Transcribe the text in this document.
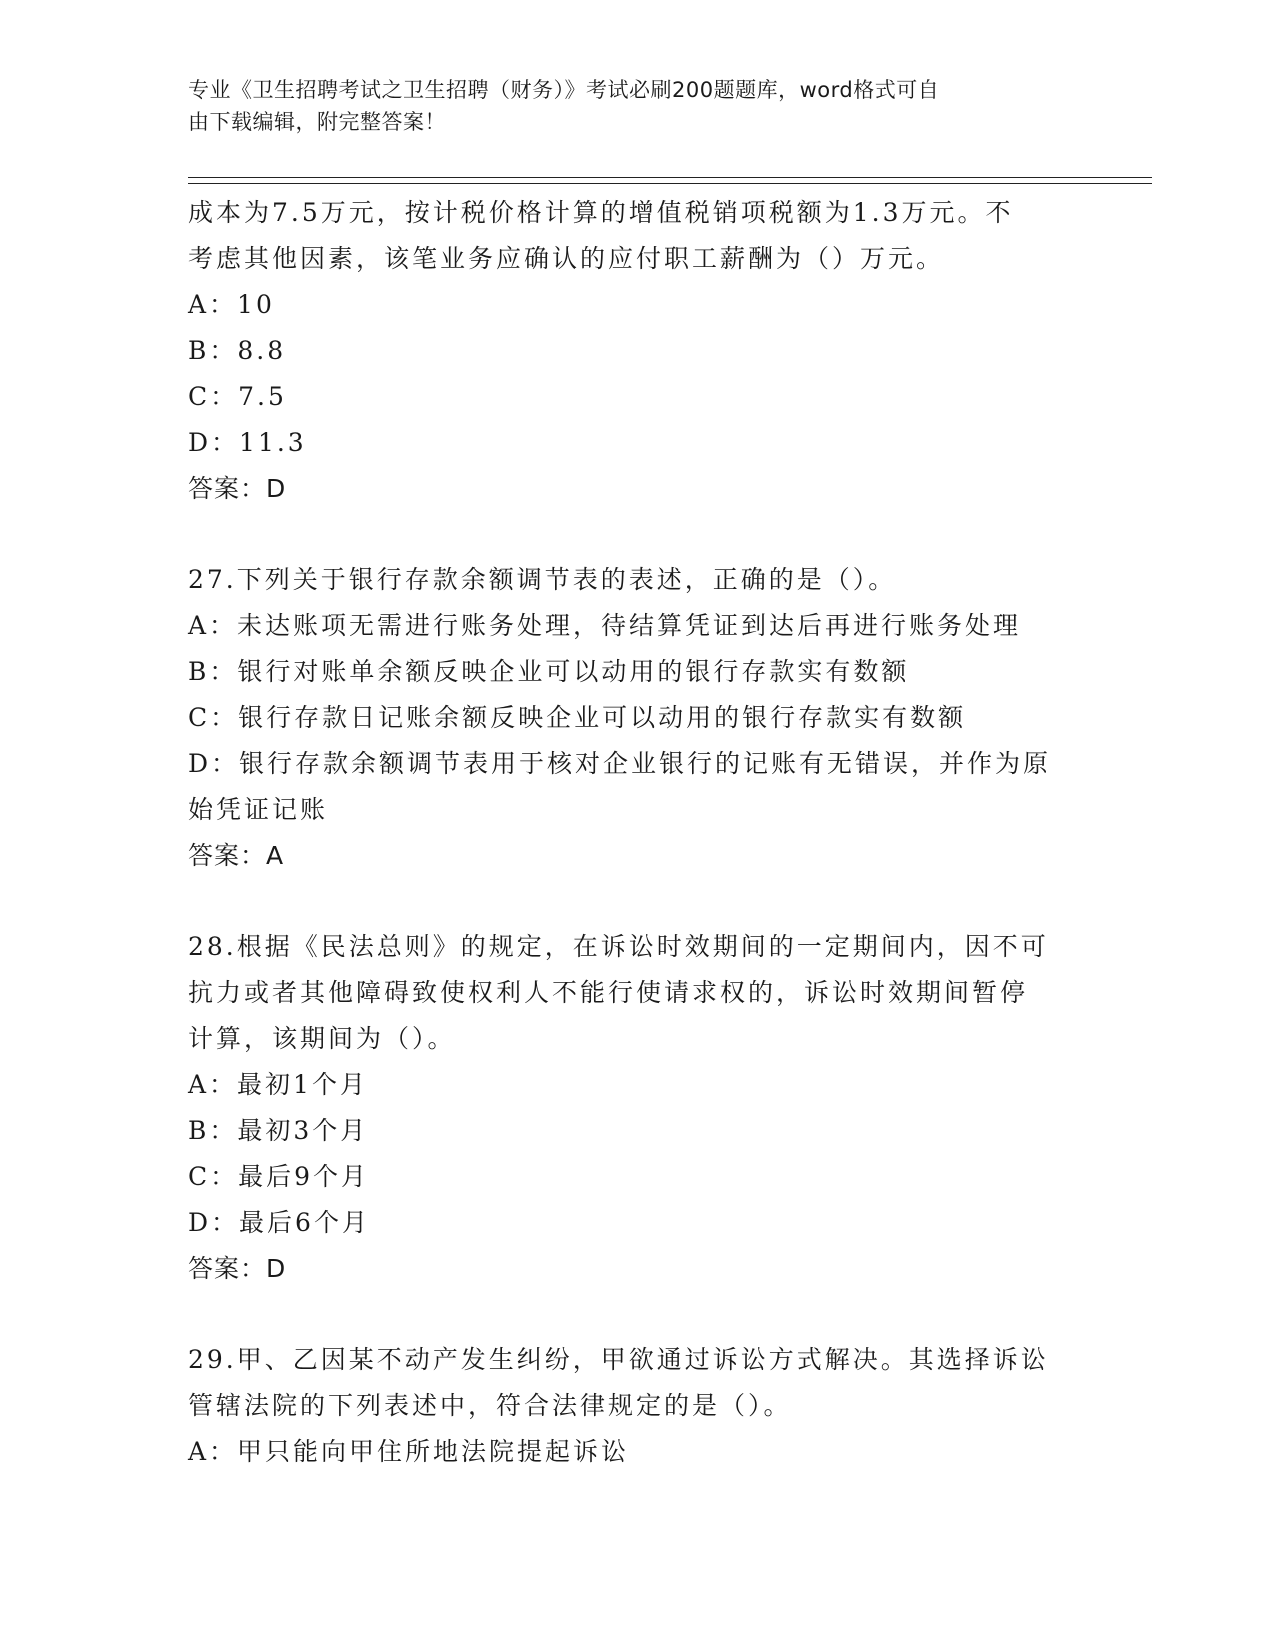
专业《卫生招聘考试之卫生招聘（财务）》考试必刷200题题库，word格式可自
由下载编辑，附完整答案！
成本为7.5万元，按计税价格计算的增值税销项税额为1.3万元。不
考虑其他因素，该笔业务应确认的应付职工薪酬为（）万元。
A：10
B：8.8
C：7.5
D：11.3
答案：D
27.下列关于银行存款余额调节表的表述，正确的是（）。
A：未达账项无需进行账务处理，待结算凭证到达后再进行账务处理
B：银行对账单余额反映企业可以动用的银行存款实有数额
C：银行存款日记账余额反映企业可以动用的银行存款实有数额
D：银行存款余额调节表用于核对企业银行的记账有无错误，并作为原
始凭证记账
答案：A
28.根据《民法总则》的规定，在诉讼时效期间的一定期间内，因不可
抗力或者其他障碍致使权利人不能行使请求权的，诉讼时效期间暂停
计算，该期间为（）。
A：最初1个月
B：最初3个月
C：最后9个月
D：最后6个月
答案：D
29.甲、乙因某不动产发生纠纷，甲欲通过诉讼方式解决。其选择诉讼
管辖法院的下列表述中，符合法律规定的是（）。
A：甲只能向甲住所地法院提起诉讼
